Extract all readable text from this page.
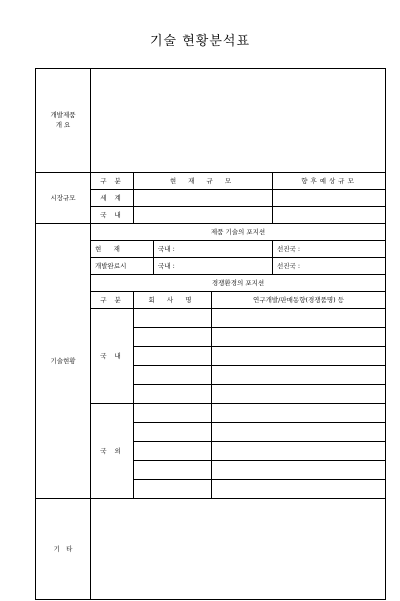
기술 현황분석표
개발제품
개 요					

시장규모	구 분	현 재 규 모			향후예상규모
	세 계				
	국 내				
기술현황	제품 기술의 포지션				
	현      재		국내 :		선진국 :
	개발완료시		국내 :		선진국 :
	경쟁환경의 포지션				
	구 분	회 사 명		연구개발/판매동향(경쟁품명) 등	
	국 내				

	국 외				

기   타					
